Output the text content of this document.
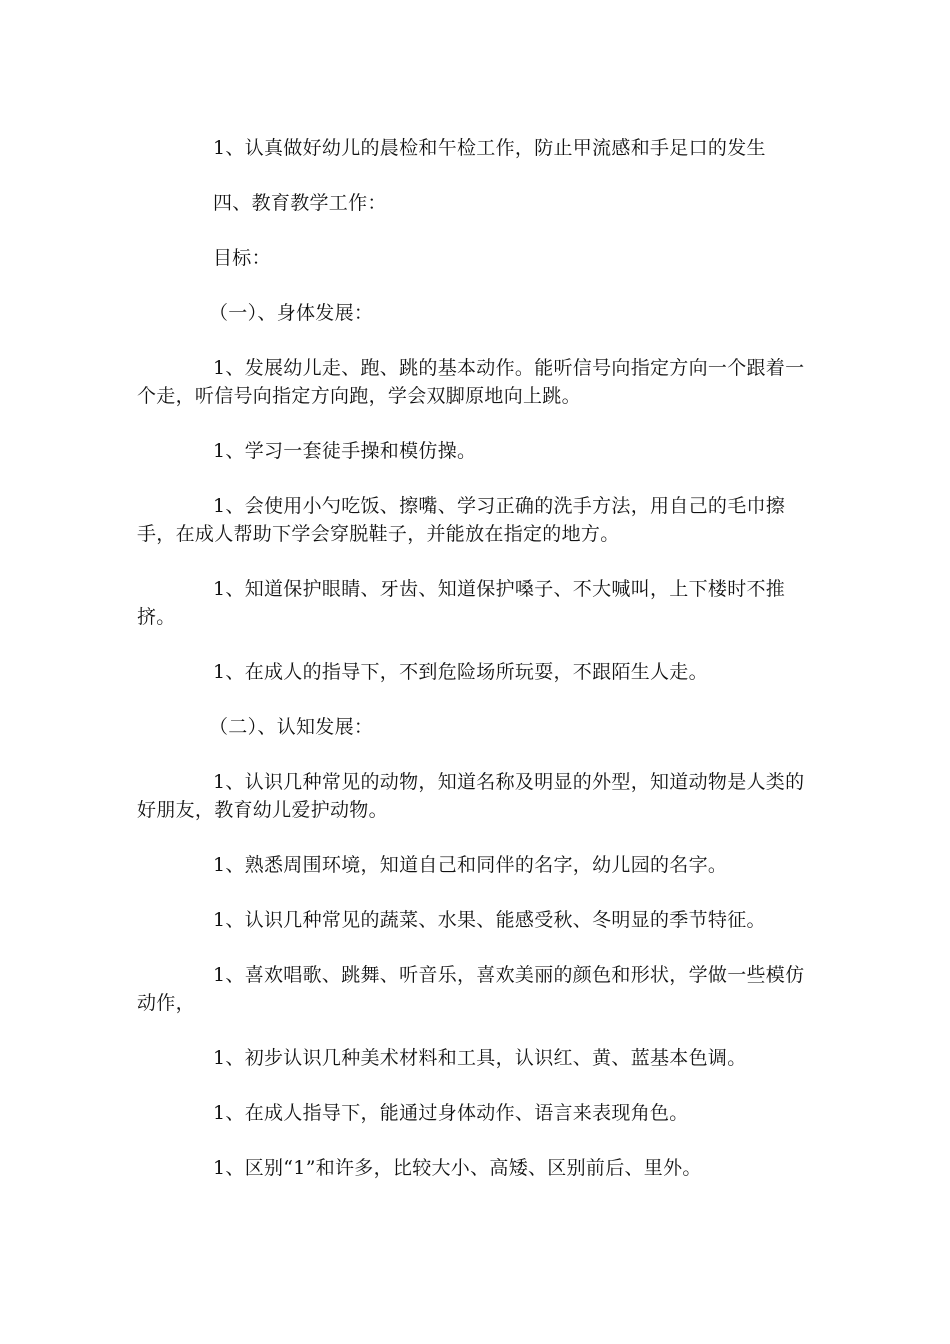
1、认真做好幼儿的晨检和午检工作，防止甲流感和手足口的发生

四、教育教学工作：

目标：

（一）、身体发展：

1、发展幼儿走、跑、跳的基本动作。能听信号向指定方向一个跟着一个走，听信号向指定方向跑，学会双脚原地向上跳。

1、学习一套徒手操和模仿操。

1、会使用小勺吃饭、擦嘴、学习正确的洗手方法，用自己的毛巾擦手，在成人帮助下学会穿脱鞋子，并能放在指定的地方。

1、知道保护眼睛、牙齿、知道保护嗓子、不大喊叫，上下楼时不推挤。

1、在成人的指导下，不到危险场所玩耍，不跟陌生人走。

（二）、认知发展：

1、认识几种常见的动物，知道名称及明显的外型，知道动物是人类的好朋友，教育幼儿爱护动物。

1、熟悉周围环境，知道自己和同伴的名字，幼儿园的名字。

1、认识几种常见的蔬菜、水果、能感受秋、冬明显的季节特征。

1、喜欢唱歌、跳舞、听音乐，喜欢美丽的颜色和形状，学做一些模仿动作，

1、初步认识几种美术材料和工具，认识红、黄、蓝基本色调。

1、在成人指导下，能通过身体动作、语言来表现角色。

1、区别“1”和许多，比较大小、高矮、区别前后、里外。
